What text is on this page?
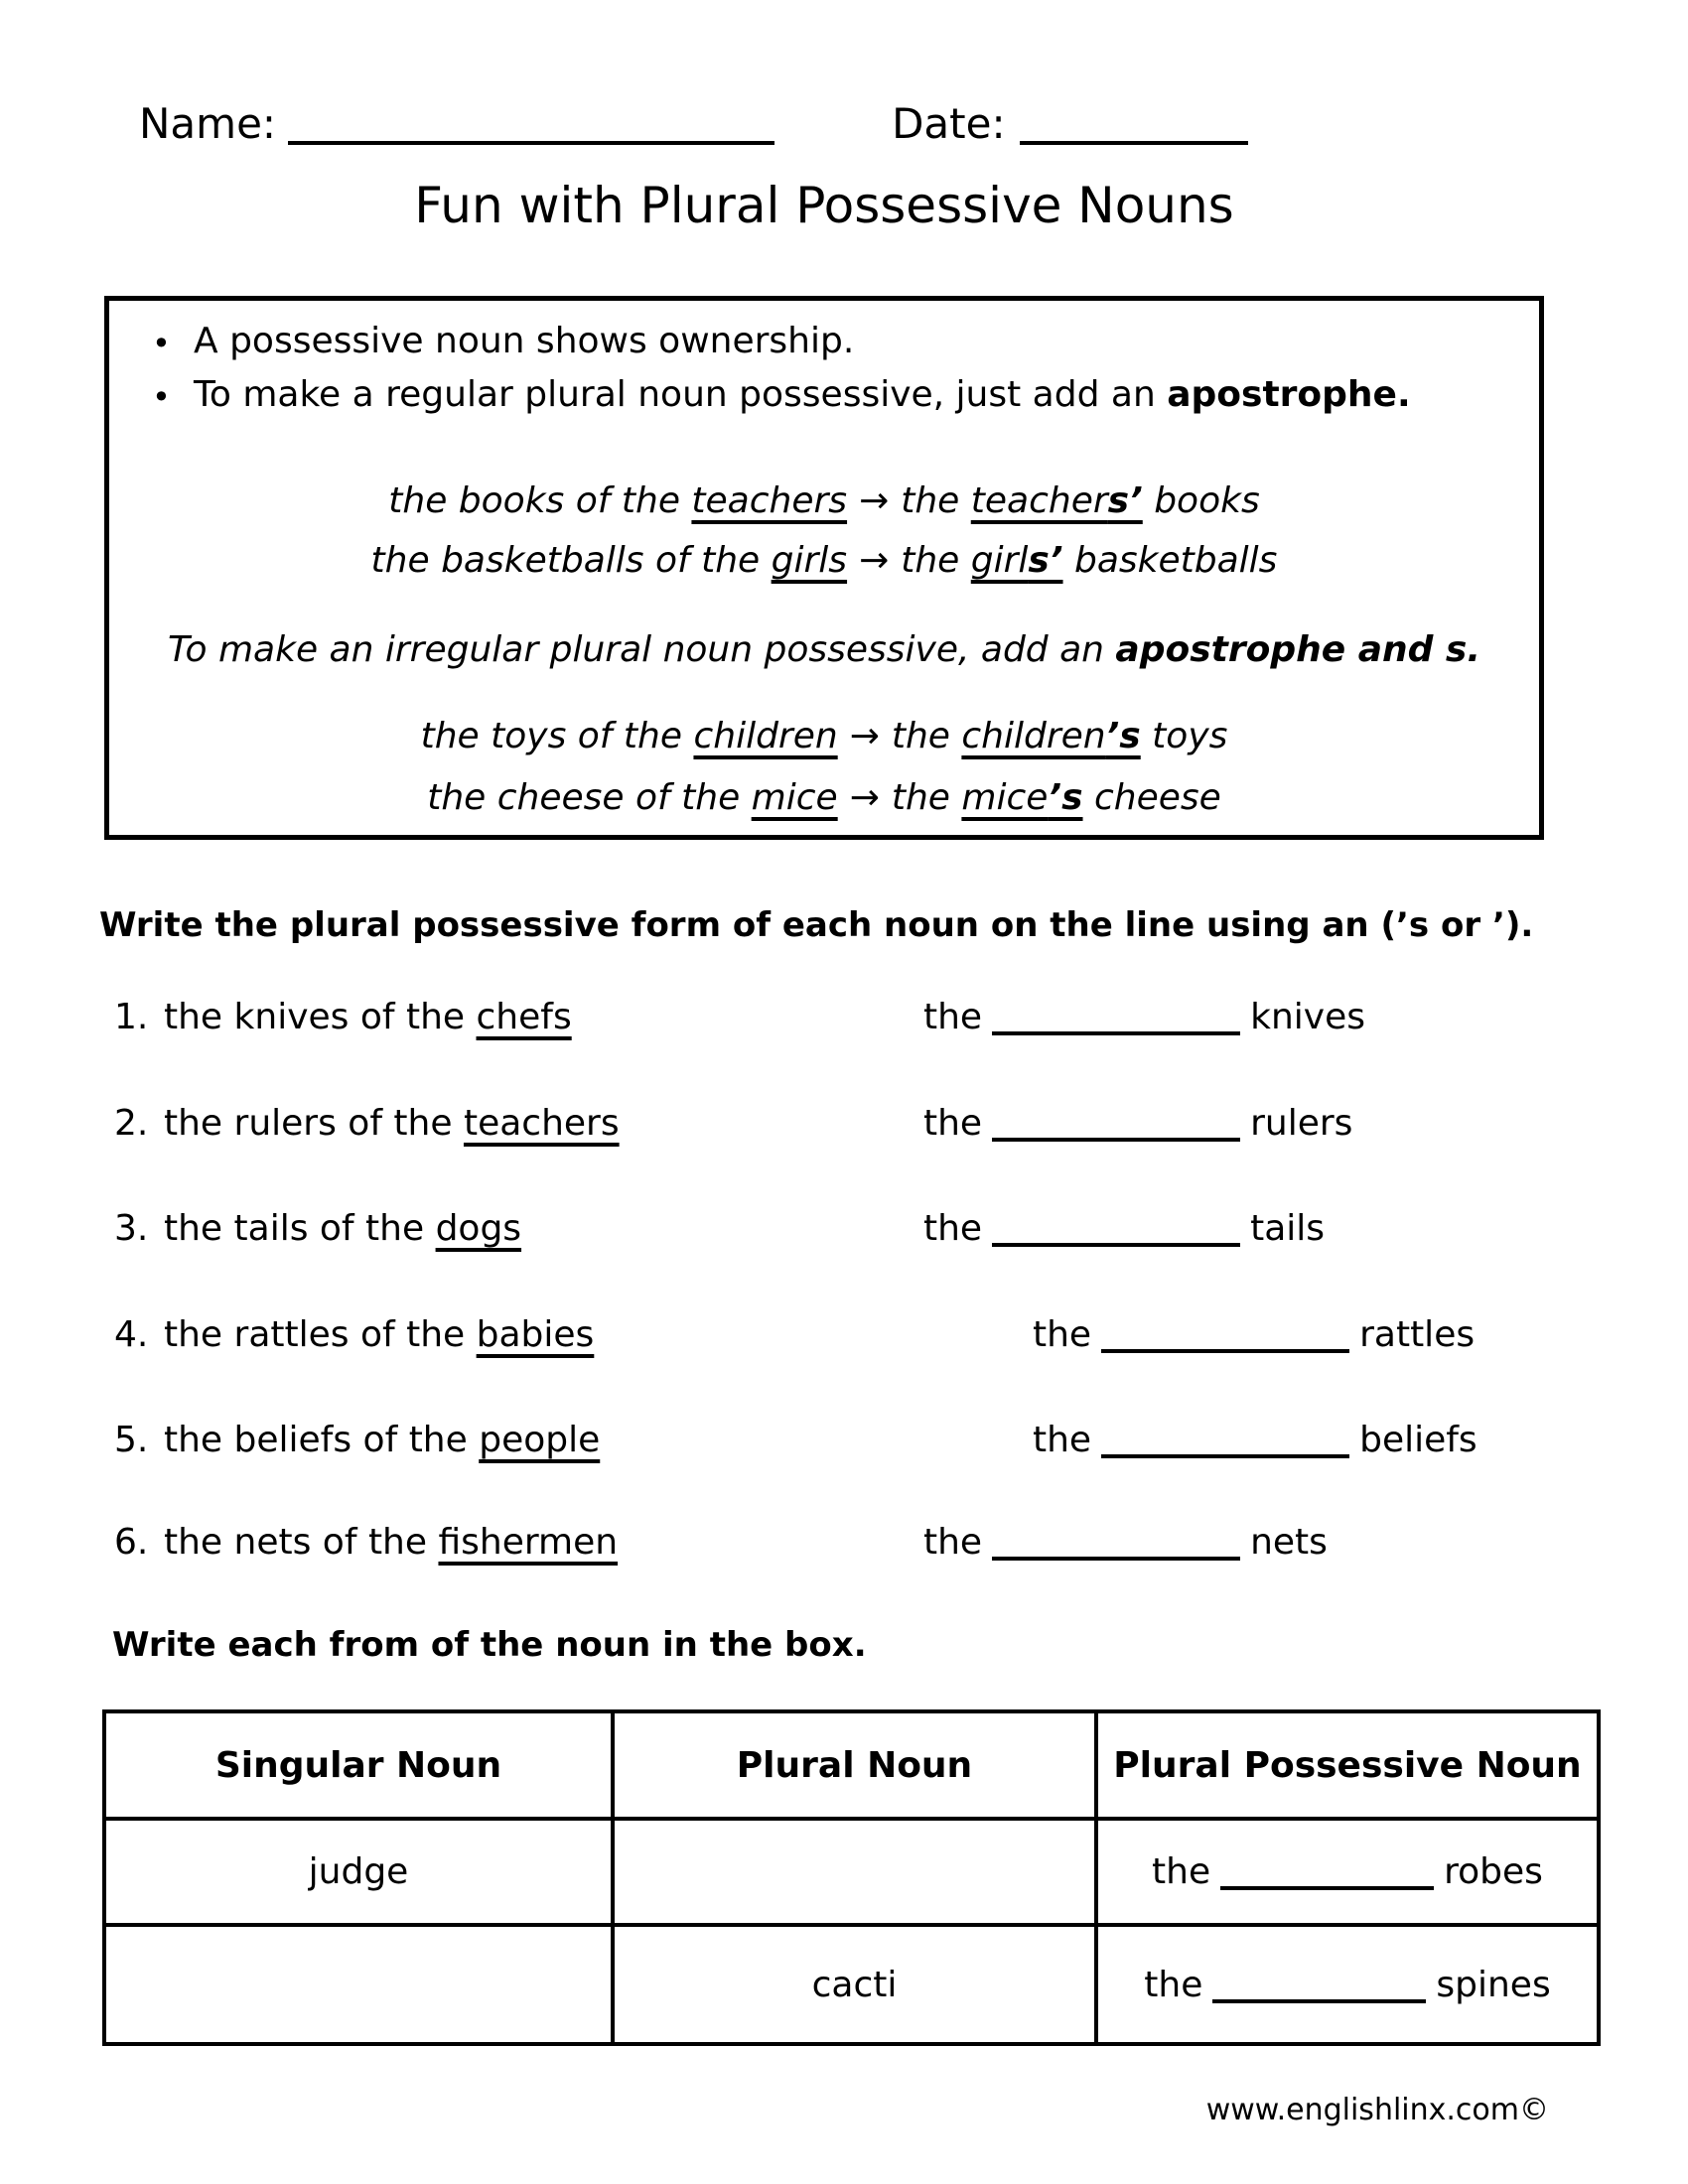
Name:	Date:
Fun with Plural Possessive Nouns
• A possessive noun shows ownership.
• To make a regular plural noun possessive, just add an apostrophe.
the books of the teachers → the teachers’ books
the basketballs of the girls → the girls’ basketballs
To make an irregular plural noun possessive, add an apostrophe and s.
the toys of the children → the children’s toys
the cheese of the mice → the mice’s cheese
Write the plural possessive form of each noun on the line using an (’s or ’).
1. the knives of the chefs	the	knives
2. the rulers of the teachers	the	rulers
3. the tails of the dogs	the	tails
4. the rattles of the babies	the	rattles
5. the beliefs of the people	the	beliefs
6. the nets of the fishermen	the	nets
Write each from of the noun in the box.
Singular Noun	Plural Noun	Plural Possessive Noun
judge		the robes
	cacti	the spines
www.englishlinx.com©
